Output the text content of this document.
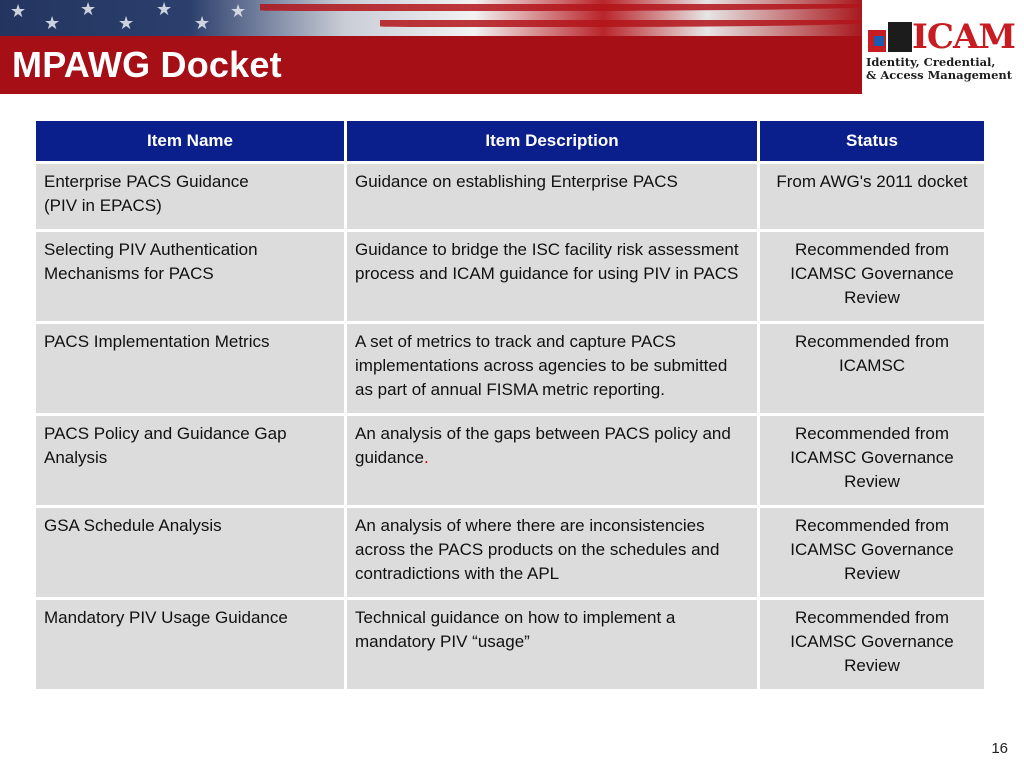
★
★
★
★
★
★
★
MPAWG Docket
ICAM
Identity, Credential,
& Access Management
Item Name	Item Description	Status
Enterprise PACS Guidance
(PIV in EPACS)	Guidance on establishing Enterprise PACS	From AWG's 2011 docket
Selecting PIV Authentication Mechanisms for PACS	Guidance to bridge the ISC facility risk assessment process and ICAM guidance for using PIV in PACS	Recommended from ICAMSC Governance Review
PACS Implementation Metrics	A set of metrics to track and capture PACS implementations across agencies to be submitted as part of annual FISMA metric reporting.	Recommended from ICAMSC
PACS Policy and Guidance Gap Analysis	An analysis of the gaps between PACS policy and guidance.	Recommended from ICAMSC Governance Review
GSA Schedule Analysis	An analysis of where there are inconsistencies across the PACS products on the schedules and contradictions with the APL	Recommended from ICAMSC Governance Review
Mandatory PIV Usage Guidance	Technical guidance on how to implement a mandatory PIV “usage”	Recommended from ICAMSC Governance Review
16
